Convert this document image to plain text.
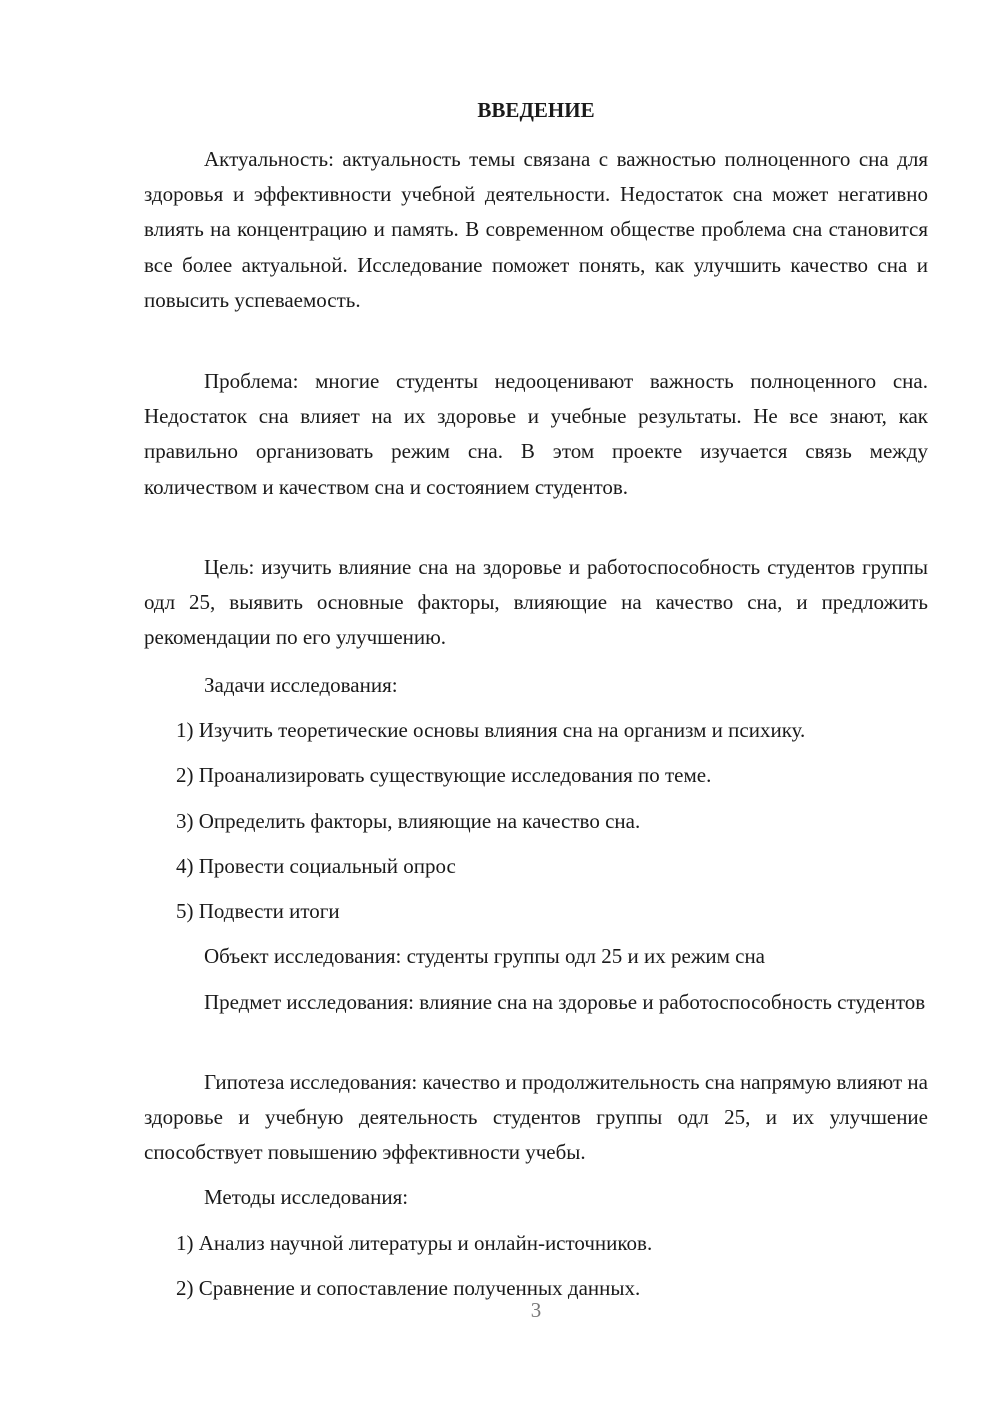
ВВЕДЕНИЕ
Актуальность: актуальность темы связана с важностью полноценного сна для здоровья и эффективности учебной деятельности. Недостаток сна может негативно влиять на концентрацию и память. В современном обществе проблема сна становится все более актуальной. Исследование поможет понять, как улучшить качество сна и повысить успеваемость.
Проблема: многие студенты недооценивают важность полноценного сна. Недостаток сна влияет на их здоровье и учебные результаты. Не все знают, как правильно организовать режим сна. В этом проекте изучается связь между количеством и качеством сна и состоянием студентов.
Цель: изучить влияние сна на здоровье и работоспособность студентов группы одл 25, выявить основные факторы, влияющие на качество сна, и предложить рекомендации по его улучшению.
Задачи исследования:
1) Изучить теоретические основы влияния сна на организм и психику.
2) Проанализировать существующие исследования по теме.
3) Определить факторы, влияющие на качество сна.
4) Провести социальный опрос
5) Подвести итоги
Объект исследования: студенты группы одл 25 и их режим сна
Предмет исследования: влияние сна на здоровье и работоспособность студентов
Гипотеза исследования: качество и продолжительность сна напрямую влияют на здоровье и учебную деятельность студентов группы одл 25, и их улучшение способствует повышению эффективности учебы.
Методы исследования:
1) Анализ научной литературы и онлайн-источников.
2) Сравнение и сопоставление полученных данных.
3
